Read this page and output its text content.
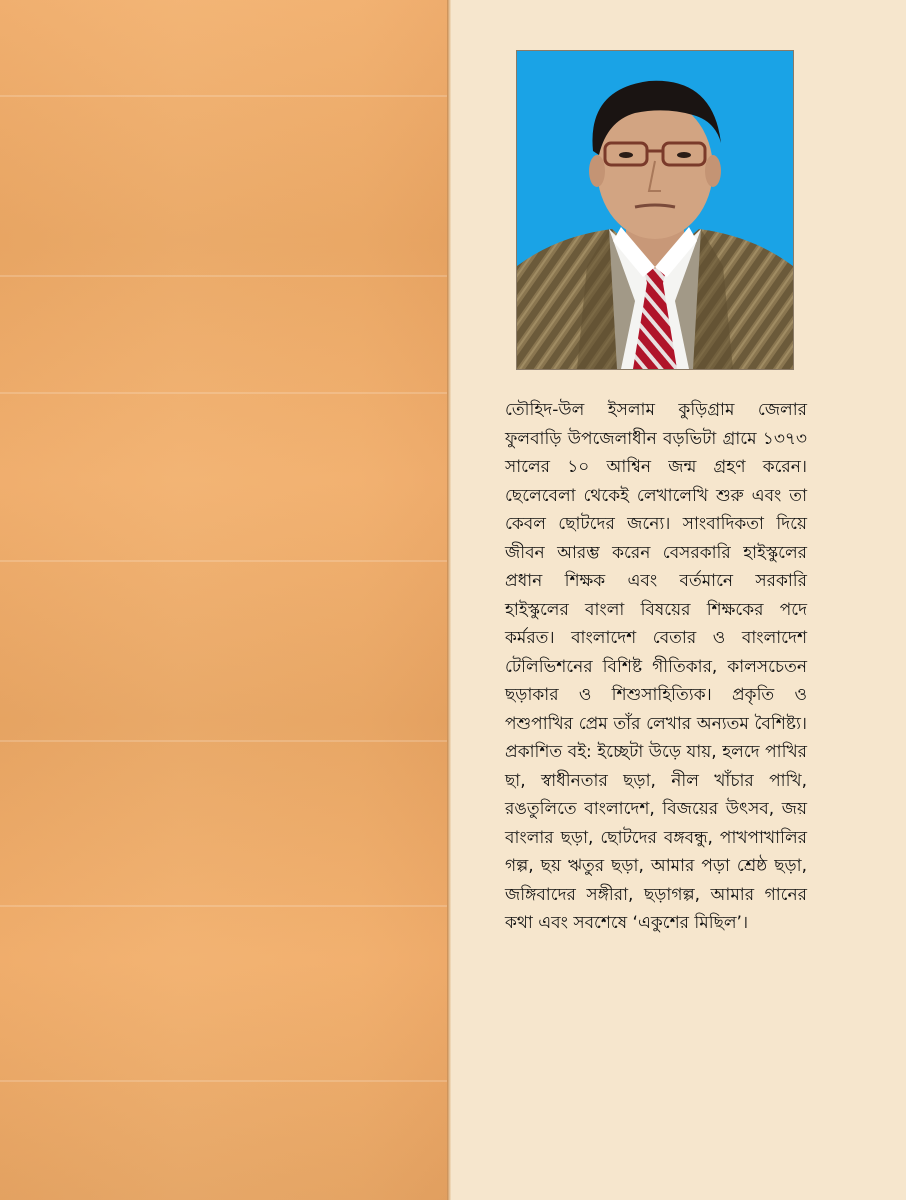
তৌহিদ-উল ইসলাম কুড়িগ্রাম জেলার ফুলবাড়ি উপজেলাধীন বড়ভিটা গ্রামে ১৩৭৩ সালের ১০ আশ্বিন জন্ম গ্রহণ করেন। ছেলেবেলা থেকেই লেখালেখি শুরু এবং তা কেবল ছোটদের জন্যে। সাংবাদিকতা দিয়ে জীবন আরম্ভ করেন বেসরকারি হাইস্কুলের প্রধান শিক্ষক এবং বর্তমানে সরকারি হাইস্কুলের বাংলা বিষয়ের শিক্ষকের পদে কর্মরত। বাংলাদেশ বেতার ও বাংলাদেশ টেলিভিশনের বিশিষ্ট গীতিকার, কালসচেতন ছড়াকার ও শিশুসাহিত্যিক। প্রকৃতি ও পশুপাখির প্রেম তাঁর লেখার অন্যতম বৈশিষ্ট্য। প্রকাশিত বই: ইচ্ছেটা উড়ে যায়, হলদে পাখির ছা, স্বাধীনতার ছড়া, নীল খাঁচার পাখি, রঙতুলিতে বাংলাদেশ, বিজয়ের উৎসব, জয় বাংলার ছড়া, ছোটদের বঙ্গবন্ধু, পাখপাখালির গল্প, ছয় ঋতুর ছড়া, আমার পড়া শ্রেষ্ঠ ছড়া, জঙ্গিবাদের সঙ্গীরা, ছড়াগল্প, আমার গানের কথা এবং সবশেষে ‘একুশের মিছিল’।
